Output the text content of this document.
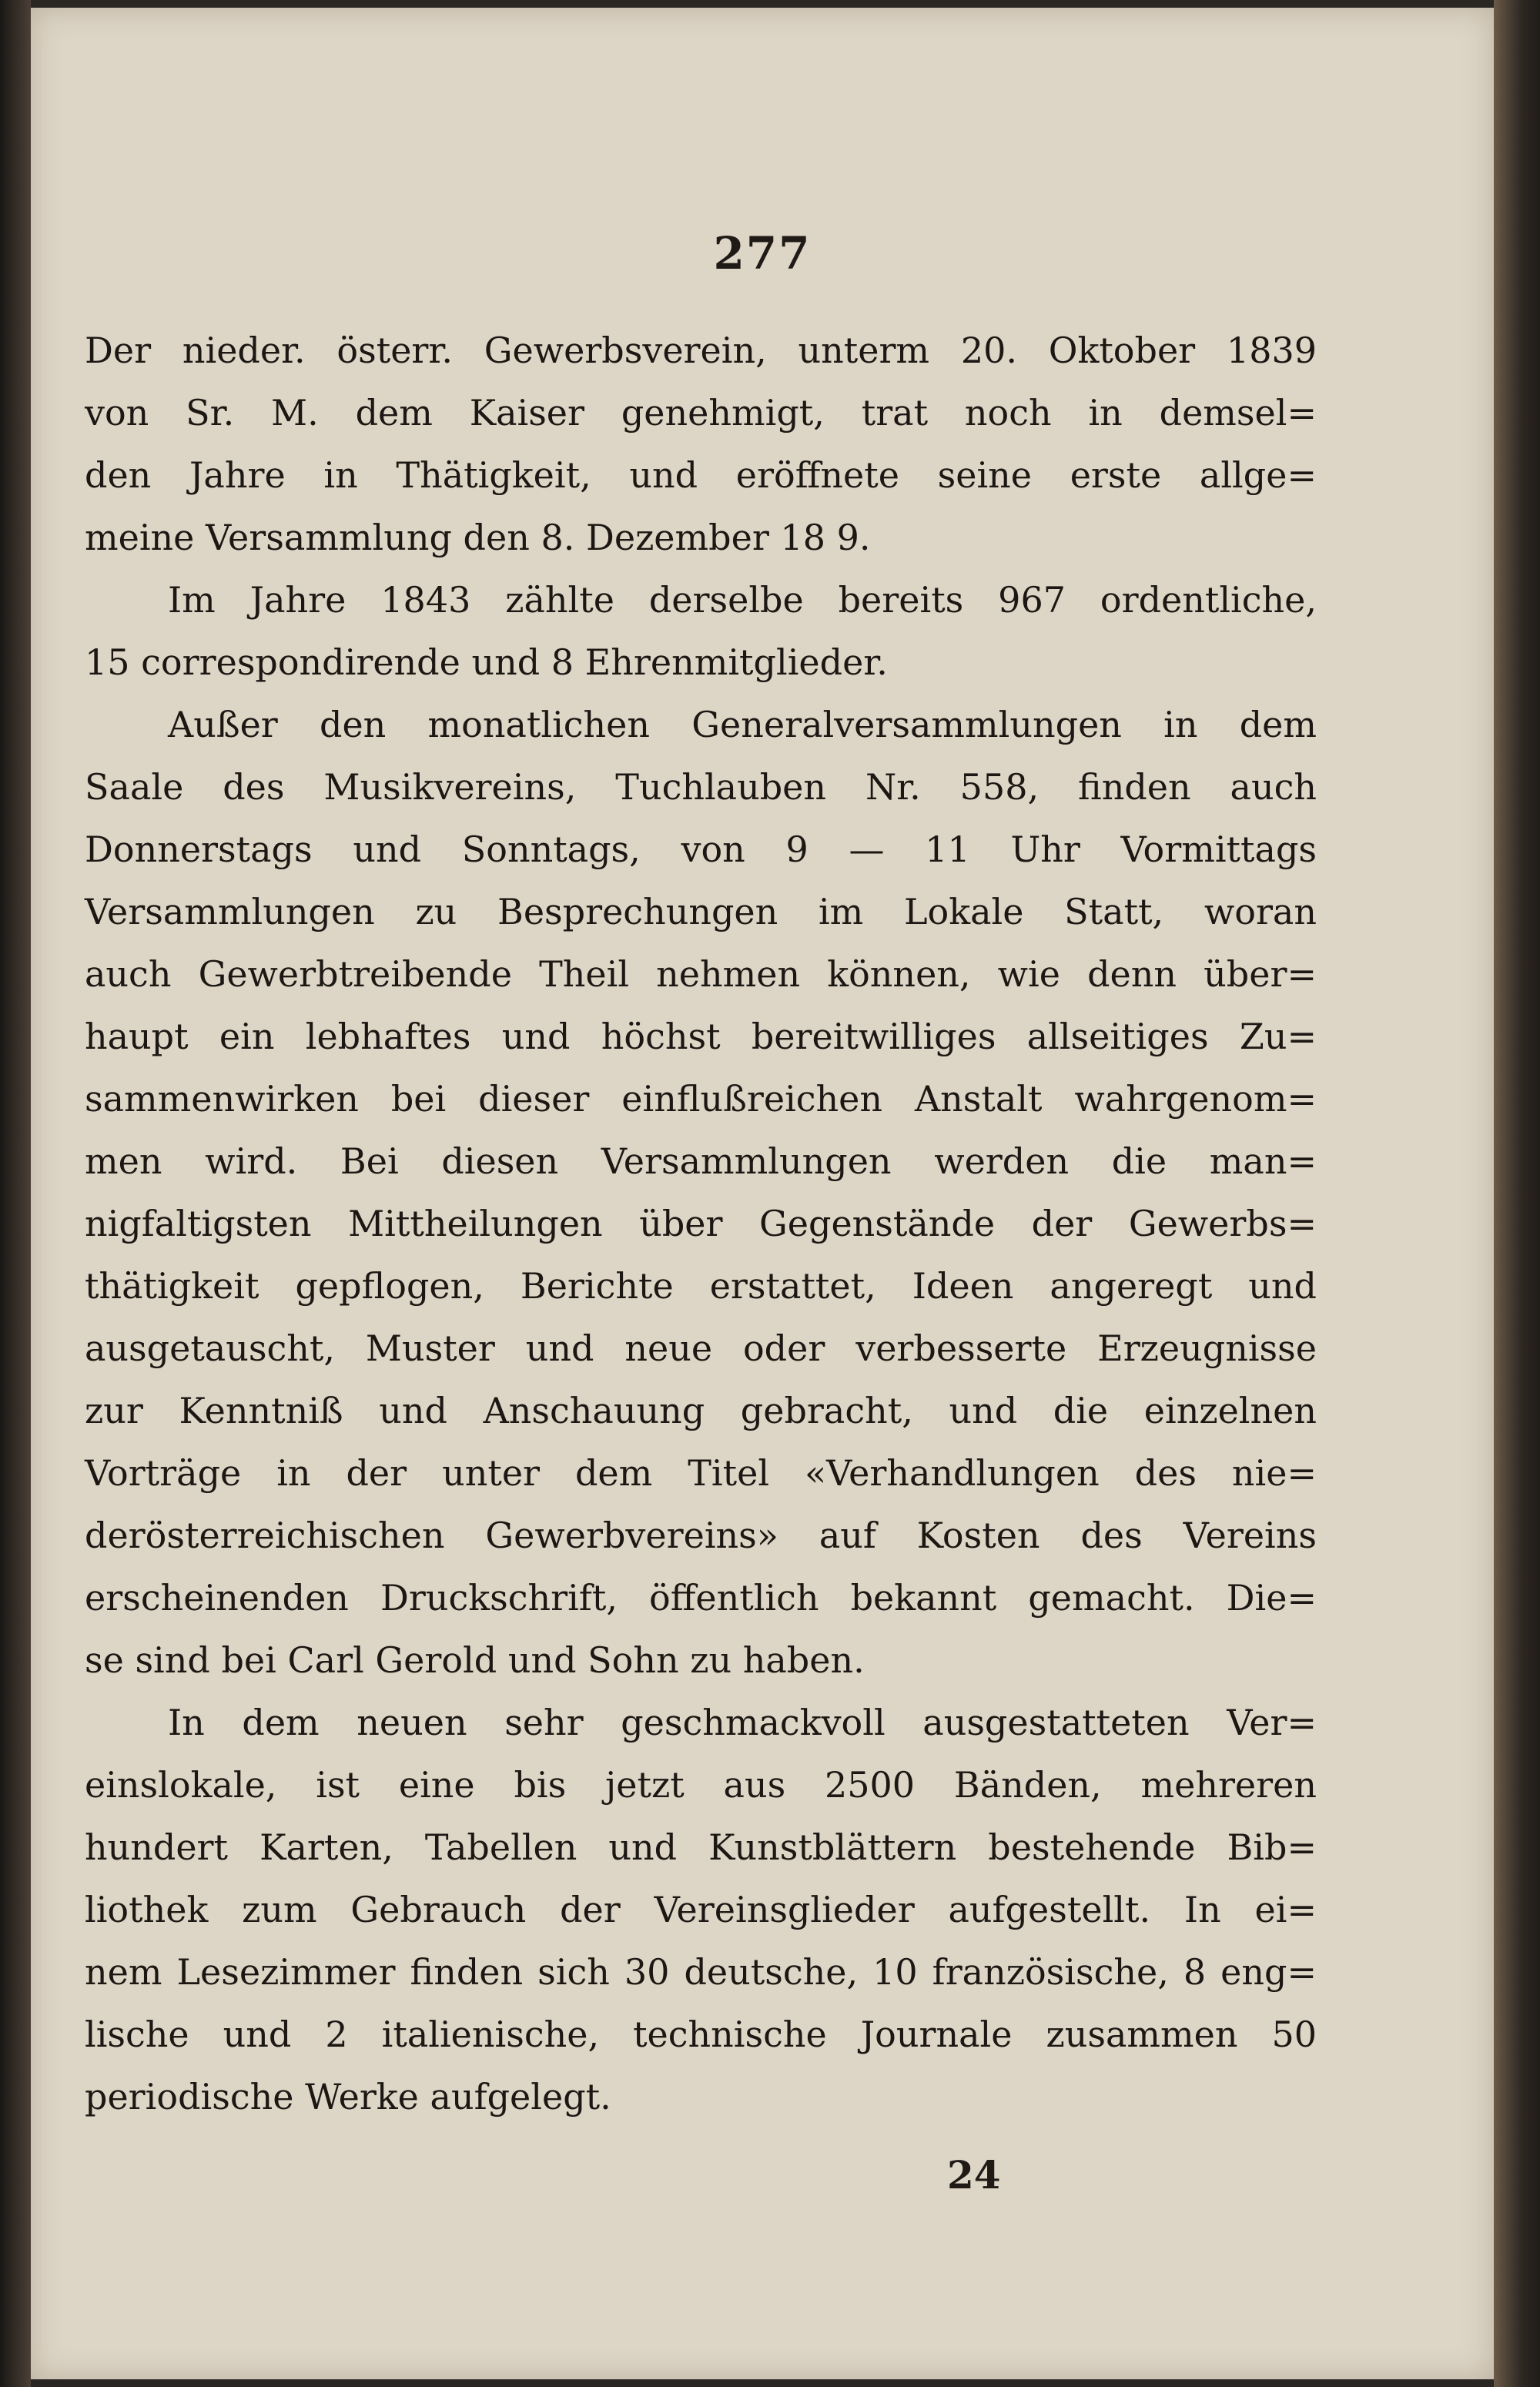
277
Der nieder. österr. Gewerbsverein, unterm 20. Oktober 1839
von Sr. M. dem Kaiser genehmigt, trat noch in demsel=
den Jahre in Thätigkeit, und eröffnete seine erste allge=
meine Versammlung den 8. Dezember 18 9.
Im Jahre 1843 zählte derselbe bereits 967 ordentliche,
15 correspondirende und 8 Ehrenmitglieder.
Außer den monatlichen Generalversammlungen in dem
Saale des Musikvereins, Tuchlauben Nr. 558, finden auch
Donnerstags und Sonntags, von 9 — 11 Uhr Vormittags
Versammlungen zu Besprechungen im Lokale Statt, woran
auch Gewerbtreibende Theil nehmen können, wie denn über=
haupt ein lebhaftes und höchst bereitwilliges allseitiges Zu=
sammenwirken bei dieser einflußreichen Anstalt wahrgenom=
men wird. Bei diesen Versammlungen werden die man=
nigfaltigsten Mittheilungen über Gegenstände der Gewerbs=
thätigkeit gepflogen, Berichte erstattet, Ideen angeregt und
ausgetauscht, Muster und neue oder verbesserte Erzeugnisse
zur Kenntniß und Anschauung gebracht, und die einzelnen
Vorträge in der unter dem Titel «Verhandlungen des nie=
derösterreichischen Gewerbvereins» auf Kosten des Vereins
erscheinenden Druckschrift, öffentlich bekannt gemacht. Die=
se sind bei Carl Gerold und Sohn zu haben.
In dem neuen sehr geschmackvoll ausgestatteten Ver=
einslokale, ist eine bis jetzt aus 2500 Bänden, mehreren
hundert Karten, Tabellen und Kunstblättern bestehende Bib=
liothek zum Gebrauch der Vereinsglieder aufgestellt. In ei=
nem Lesezimmer finden sich 30 deutsche, 10 französische, 8 eng=
lische und 2 italienische, technische Journale zusammen 50
periodische Werke aufgelegt.
24
